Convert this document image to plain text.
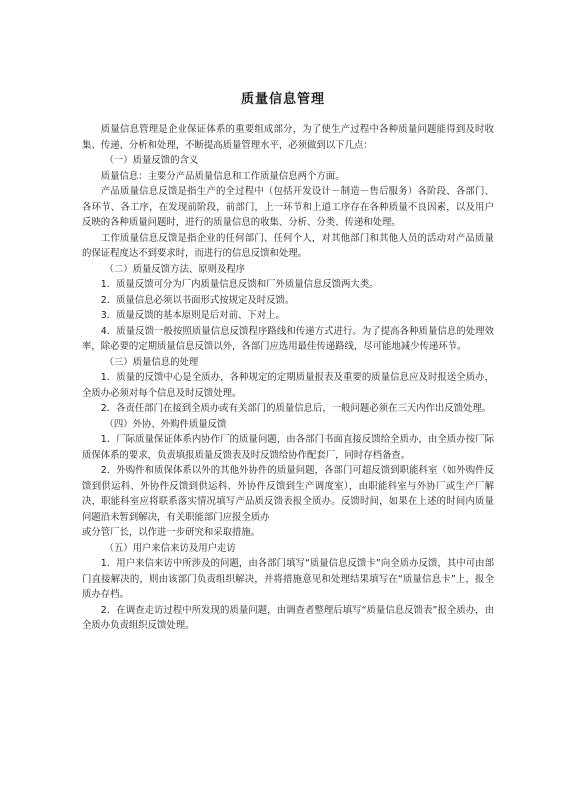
质量信息管理

质量信息管理是企业保证体系的重要组成部分，为了使生产过程中各种质量问题能得到及时收集、传递、分析和处理，不断提高质量管理水平，必须做到以下几点：

（一）质量反馈的含义

质量信息：主要分产品质量信息和工作质量信息两个方面。

产品质量信息反馈是指生产的全过程中（包括开发设计－制造－售后服务）各阶段、各部门、各环节、各工序，在发现前阶段，前部门，上一环节和上道工序存在各种质量不良因素，以及用户反映的各种质量问题时，进行的质量信息的收集、分析、分类、传递和处理。

工作质量信息反馈是指企业的任何部门、任何个人，对其他部门和其他人员的活动对产品质量的保证程度达不到要求时，而进行的信息反馈和处理。

（二）质量反馈方法、原则及程序

1．质量反馈可分为厂内质量信息反馈和厂外质量信息反馈两大类。

2．质量信息必须以书面形式按规定及时反馈。

3．质量反馈的基本原则是后对前、下对上。

4．质量反馈一般按照质量信息反馈程序路线和传递方式进行。为了提高各种质量信息的处理效率，除必要的定期质量信息反馈以外，各部门应选用最佳传递路线，尽可能地减少传递环节。

（三）质量信息的处理

1．质量的反馈中心是全质办，各种规定的定期质量报表及重要的质量信息应及时报送全质办，全质办必须对每个信息及时反馈处理。

2．各责任部门在接到全质办或有关部门的质量信息后，一般问题必须在三天内作出反馈处理。

（四）外协、外购件质量反馈

1．厂际质量保证体系内协作厂的质量问题，由各部门书面直接反馈给全质办，由全质办按厂际质保体系的要求，负责填报质量反馈表及时反馈给协作配套厂，同时存档备查。

2．外购件和质保体系以外的其他外协件的质量问题，各部门可超反馈到职能科室（如外购件反馈到供运科、外协件反馈到供运科、外协件反馈到生产调度室），由职能科室与外协厂或生产厂解决，职能科室应将联系落实情况填写产品质反馈表报全质办。反馈时间，如果在上述的时间内质量问题沿未暂到解决，有关职能部门应报全质办

或分管厂长，以作进一步研究和采取措施。

（五）用户来信来访及用户走访

1．用户来信来访中所涉及的问题，由各部门填写“质量信息反馈卡”向全质办反馈，其中可由部门直接解决的，则由该部门负责组织解决，并将措施意见和处理结果填写在“质量信息卡”上，报全质办存档。

2．在调查走访过程中所发现的质量问题，由调查者整理后填写“质量信息反馈表”报全质办，由全质办负责组织反馈处理。
